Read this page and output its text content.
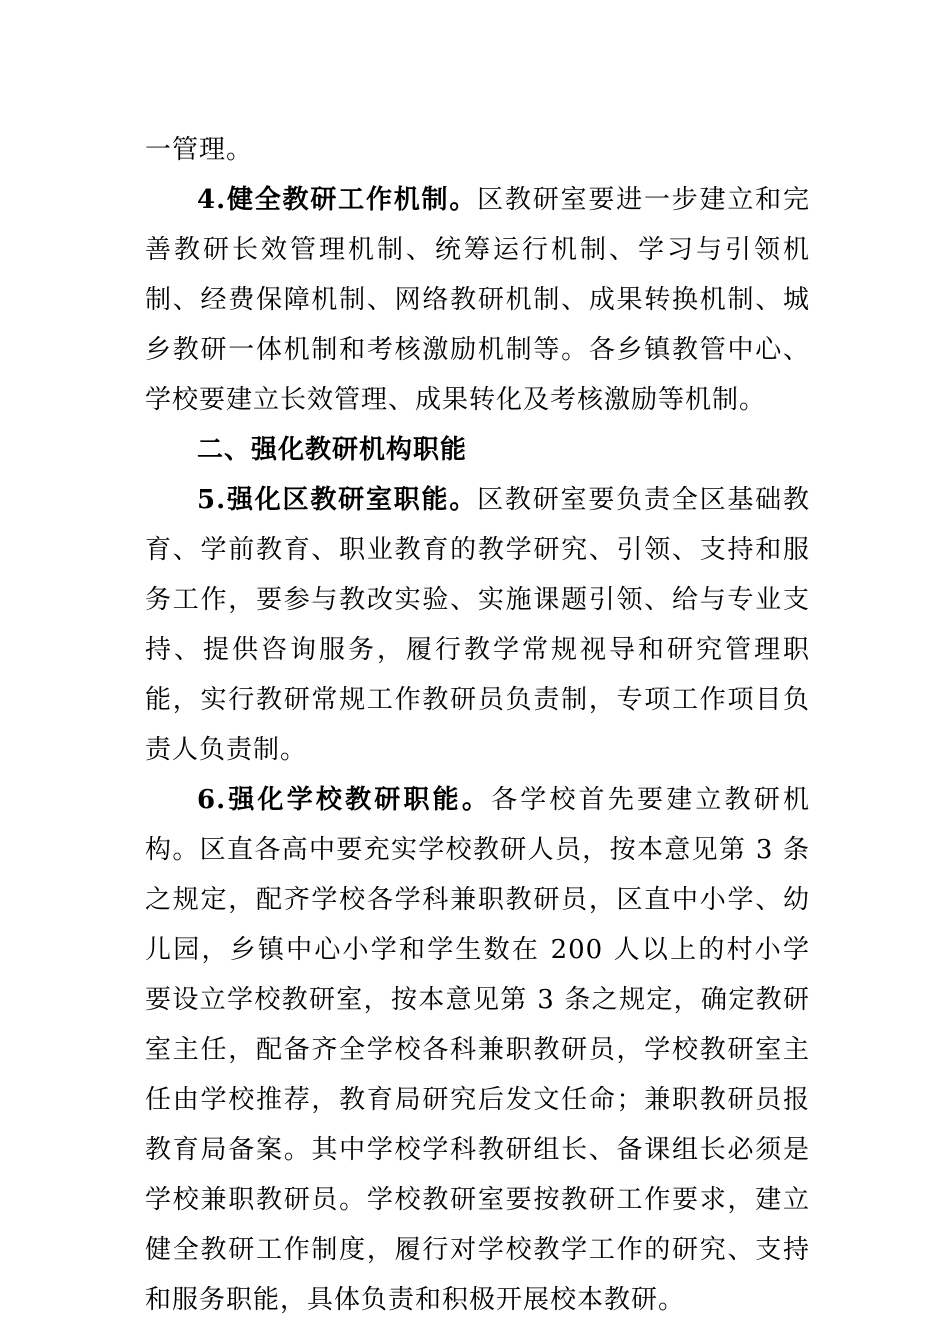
一管理。

4.健全教研工作机制。区教研室要进一步建立和完善教研长效管理机制、统筹运行机制、学习与引领机制、经费保障机制、网络教研机制、成果转换机制、城乡教研一体机制和考核激励机制等。各乡镇教管中心、学校要建立长效管理、成果转化及考核激励等机制。

二、强化教研机构职能

5.强化区教研室职能。区教研室要负责全区基础教育、学前教育、职业教育的教学研究、引领、支持和服务工作，要参与教改实验、实施课题引领、给与专业支持、提供咨询服务，履行教学常规视导和研究管理职能，实行教研常规工作教研员负责制，专项工作项目负责人负责制。

6.强化学校教研职能。各学校首先要建立教研机构。区直各高中要充实学校教研人员，按本意见第 3 条之规定，配齐学校各学科兼职教研员，区直中小学、幼儿园，乡镇中心小学和学生数在 200 人以上的村小学要设立学校教研室，按本意见第 3 条之规定，确定教研室主任，配备齐全学校各科兼职教研员，学校教研室主任由学校推荐，教育局研究后发文任命；兼职教研员报教育局备案。其中学校学科教研组长、备课组长必须是学校兼职教研员。学校教研室要按教研工作要求，建立健全教研工作制度，履行对学校教学工作的研究、支持和服务职能，具体负责和积极开展校本教研。
